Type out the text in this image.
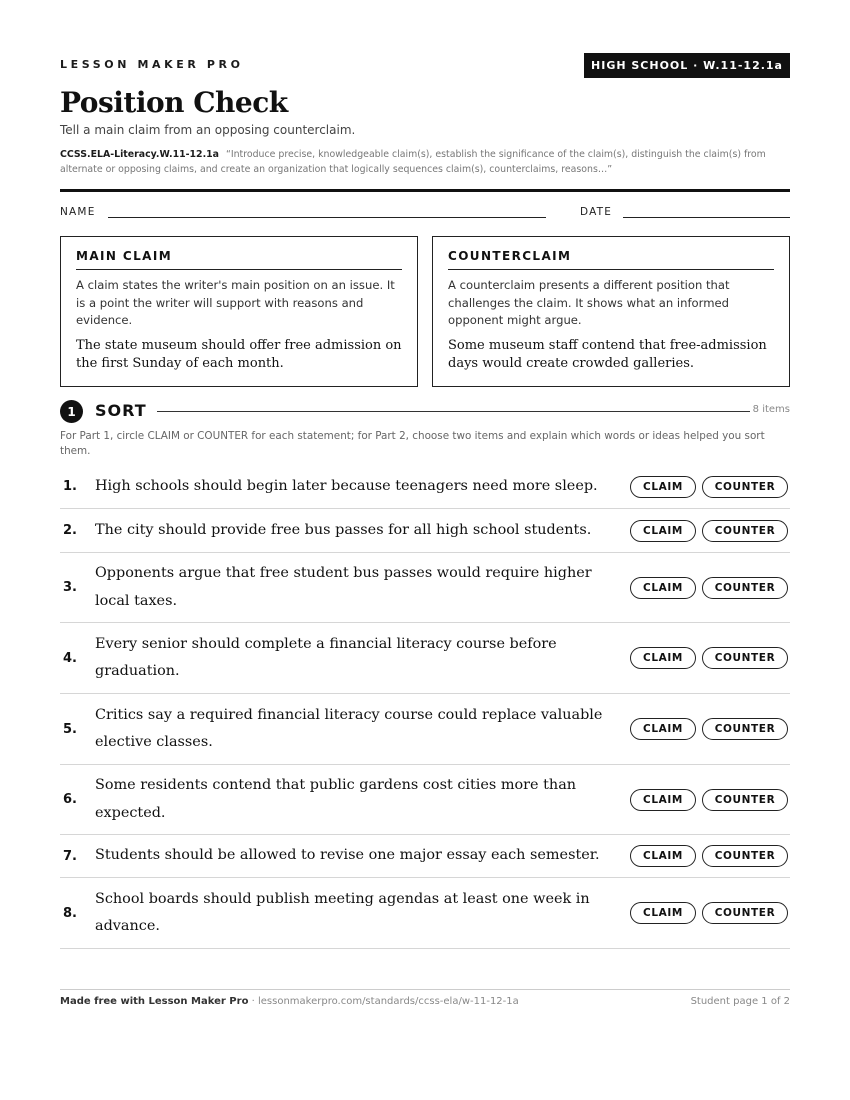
LESSON MAKER PRO	HIGH SCHOOL · W.11-12.1a
Position Check
Tell a main claim from an opposing counterclaim.
CCSS.ELA-Literacy.W.11-12.1a “Introduce precise, knowledgeable claim(s), establish the significance of the claim(s), distinguish the claim(s) from alternate or opposing claims, and create an organization that logically sequences claim(s), counterclaims, reasons…”
NAME	DATE
MAIN CLAIM

A claim states the writer's main position on an issue. It is a point the writer will support with reasons and evidence.

The state museum should offer free admission on the first Sunday of each month.

COUNTERCLAIM

A counterclaim presents a different position that challenges the claim. It shows what an informed opponent might argue.

Some museum staff contend that free-admission days would create crowded galleries.

1	SORT	8 items
For Part 1, circle CLAIM or COUNTER for each statement; for Part 2, choose two items and explain which words or ideas helped you sort them.
1. High schools should begin later because teenagers need more sleep.	CLAIM	COUNTER
2. The city should provide free bus passes for all high school students.	CLAIM	COUNTER
3.
Opponents argue that free student bus passes would require higher local taxes.
CLAIM	COUNTER
4.
Every senior should complete a financial literacy course before graduation.
CLAIM	COUNTER
5.
Critics say a required financial literacy course could replace valuable elective classes.
CLAIM	COUNTER
6.
Some residents contend that public gardens cost cities more than expected.
CLAIM	COUNTER
7. Students should be allowed to revise one major essay each semester.	CLAIM	COUNTER
8.
School boards should publish meeting agendas at least one week in advance.
CLAIM	COUNTER
Made free with Lesson Maker Pro · lessonmakerpro.com/standards/ccss-ela/w-11-12-1a	Student page 1 of 2
